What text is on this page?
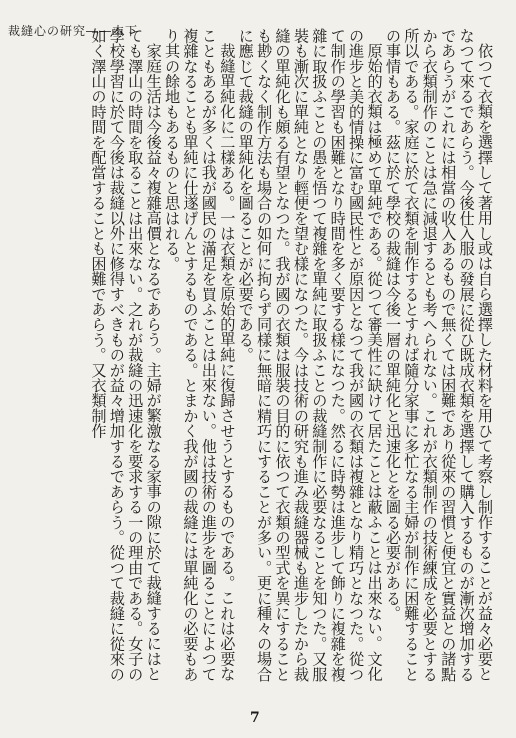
裁縫心の研究――本下

依つて衣類を選擇して著用し或は自ら選擇した材料を用ひて考察し制作することが益々必要となつて來るであらう。今後仕入服の發展に從ひ既成衣類を選擇して購入するものが漸次增加するであらうがこれには相當の收入あるもので無くては困難であり從來の習慣と便宜と實益との諸點から衣類制作のことは急に減退するとも考へられない。これが衣類制作の技術練成を必要とする所以である。家庭に於て衣類を制作するとすれば隨分家事に多忙なる主婦が制作に困難することの事情もある。茲に於て學校の裁縫は今後一層の單純化と迅速化とを圖る必要がある。

原始的衣類は極めて單純である。從つて審美性に缺けて居たことは蔽ふことは出來ない。文化の進步と美的情操に富む國民性とが原因となつて我が國の衣類は複雜となり精巧となつた。從つて制作の學習も困難となり時間を多く要する樣になつた。然るに時勢は進步して飾りに複雜を複雜に取扱ふことの愚を悟つて複雜を單純に取扱ふことの裁縫制作に必要なることを知つた。又服裝も漸次に單純となり輕便を望む樣になつた。今は技術の研究も進み裁縫器械も進步したから裁縫の單純化も頗る有望となつた。我が國の衣類は服裝の目的に依つて衣類の型式を異にすることも尠くなく制作方法も場合の如何に拘らず同樣に無暗に精巧にすることが多い。更に種々の場合に應じて裁縫の單純化を圖ることが必要である。

裁縫單純化に二樣ある。一は衣類を原始的單純に復歸させうとするものである。これは必要なこともあるが多くは我が國民の滿足を買ふことは出來ない。他は技術の進步を圖ることによつて複雜なることも單純に仕遂げんとするものである。とまかく我が國の裁縫には單純化の必要もあり其の餘地もあるものと思はれる。

家庭生活は今後益々複雜高價となるであらう。主婦が繁激なる家事の隙に於て裁縫するにはとても澤山の時間を取ることは出來ない。之れが裁縫の迅速化を要求する一の理由である。女子の學校學習に於て今後は裁縫以外に修得すべきものが益々增加するであらう。從つて裁縫に從來の如く澤山の時間を配當することも困難であらう。又衣類制作

7
